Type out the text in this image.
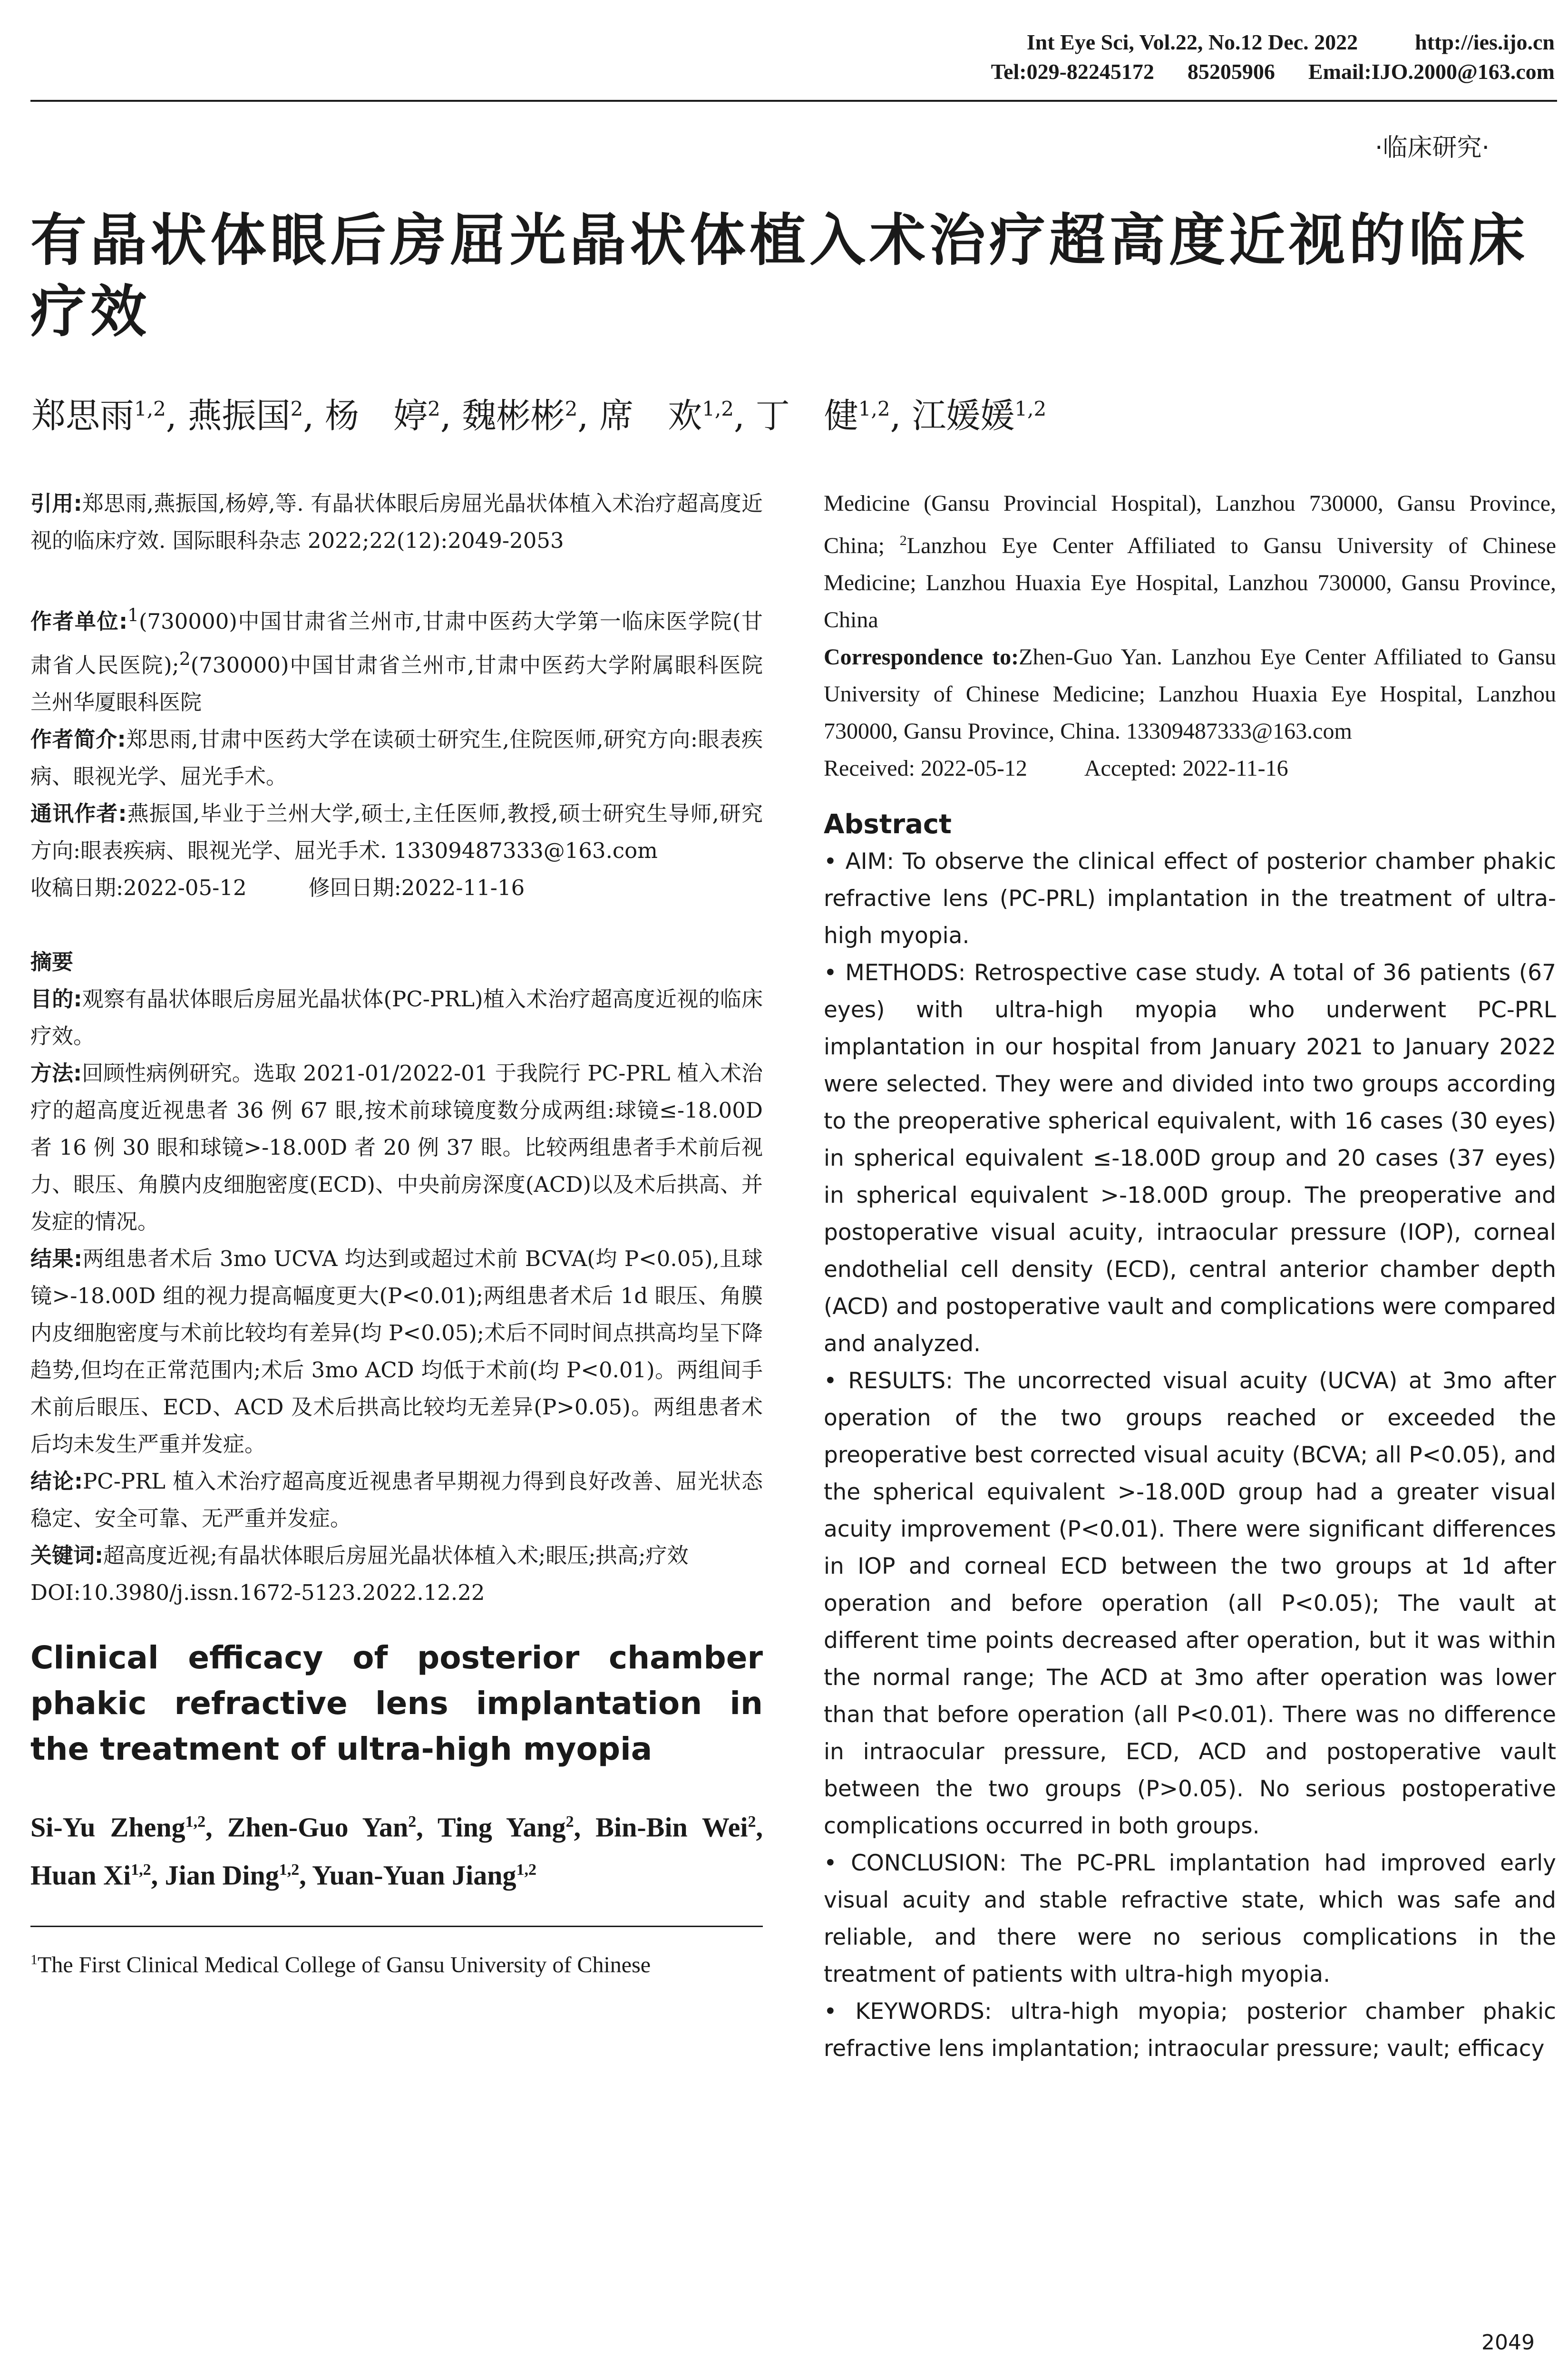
Int Eye Sci, Vol.22, No.12 Dec. 2022	http://ies.ijo.cn
Tel:029-82245172 85205906 Email:IJO.2000@163.com
·临床研究·
有晶状体眼后房屈光晶状体植入术治疗超高度近视的临床疗效
郑思雨$^{1,2}$, 燕振国$^2$, 杨　婷$^2$, 魏彬彬$^2$, 席　欢$^{1,2}$, 丁　健$^{1,2}$, 江媛媛$^{1,2}$

引用:郑思雨,燕振国,杨婷,等. 有晶状体眼后房屈光晶状体植入术治疗超高度近视的临床疗效. 国际眼科杂志 2022;22(12):2049-2053

作者单位:$^1$(730000)中国甘肃省兰州市,甘肃中医药大学第一临床医学院(甘肃省人民医院);$^2$(730000)中国甘肃省兰州市,甘肃中医药大学附属眼科医院 兰州华厦眼科医院

作者简介:郑思雨,甘肃中医药大学在读硕士研究生,住院医师,研究方向:眼表疾病、眼视光学、屈光手术。

通讯作者:燕振国,毕业于兰州大学,硕士,主任医师,教授,硕士研究生导师,研究方向:眼表疾病、眼视光学、屈光手术. 13309487333@163.com

收稿日期:2022-05-12	修回日期:2022-11-16

摘要

目的:观察有晶状体眼后房屈光晶状体(PC-PRL)植入术治疗超高度近视的临床疗效。

方法:回顾性病例研究。选取 2021-01/2022-01 于我院行 PC-PRL 植入术治疗的超高度近视患者 36 例 67 眼,按术前球镜度数分成两组:球镜≤-18.00D 者 16 例 30 眼和球镜>-18.00D 者 20 例 37 眼。比较两组患者手术前后视力、眼压、角膜内皮细胞密度(ECD)、中央前房深度(ACD)以及术后拱高、并发症的情况。

结果:两组患者术后 3mo UCVA 均达到或超过术前 BCVA(均 P<0.05),且球镜>-18.00D 组的视力提高幅度更大(P<0.01);两组患者术后 1d 眼压、角膜内皮细胞密度与术前比较均有差异(均 P<0.05);术后不同时间点拱高均呈下降趋势,但均在正常范围内;术后 3mo ACD 均低于术前(均 P<0.01)。两组间手术前后眼压、ECD、ACD 及术后拱高比较均无差异(P>0.05)。两组患者术后均未发生严重并发症。

结论:PC-PRL 植入术治疗超高度近视患者早期视力得到良好改善、屈光状态稳定、安全可靠、无严重并发症。

关键词:超高度近视;有晶状体眼后房屈光晶状体植入术;眼压;拱高;疗效

DOI:10.3980/j.issn.1672-5123.2022.12.22

Clinical efficacy of posterior chamber phakic refractive lens implantation in the treatment of ultra-high myopia
Si-Yu Zheng$^{1,2}$, Zhen-Guo Yan$^2$, Ting Yang$^2$, Bin-Bin Wei$^2$, Huan Xi$^{1,2}$, Jian Ding$^{1,2}$, Yuan-Yuan Jiang$^{1,2}$
$^1$The First Clinical Medical College of Gansu University of Chinese

Medicine (Gansu Provincial Hospital), Lanzhou 730000, Gansu Province, China; $^2$Lanzhou Eye Center Affiliated to Gansu University of Chinese Medicine; Lanzhou Huaxia Eye Hospital, Lanzhou 730000, Gansu Province, China

Correspondence to:Zhen-Guo Yan. Lanzhou Eye Center Affiliated to Gansu University of Chinese Medicine; Lanzhou Huaxia Eye Hospital, Lanzhou 730000, Gansu Province, China. 13309487333@163.com

Received: 2022-05-12	Accepted: 2022-11-16

Abstract

• AIM: To observe the clinical effect of posterior chamber phakic refractive lens (PC-PRL) implantation in the treatment of ultra-high myopia.

• METHODS: Retrospective case study. A total of 36 patients (67 eyes) with ultra-high myopia who underwent PC-PRL implantation in our hospital from January 2021 to January 2022 were selected. They were and divided into two groups according to the preoperative spherical equivalent, with 16 cases (30 eyes) in spherical equivalent ≤-18.00D group and 20 cases (37 eyes) in spherical equivalent >-18.00D group. The preoperative and postoperative visual acuity, intraocular pressure (IOP), corneal endothelial cell density (ECD), central anterior chamber depth (ACD) and postoperative vault and complications were compared and analyzed.

• RESULTS: The uncorrected visual acuity (UCVA) at 3mo after operation of the two groups reached or exceeded the preoperative best corrected visual acuity (BCVA; all P<0.05), and the spherical equivalent >-18.00D group had a greater visual acuity improvement (P<0.01). There were significant differences in IOP and corneal ECD between the two groups at 1d after operation and before operation (all P<0.05); The vault at different time points decreased after operation, but it was within the normal range; The ACD at 3mo after operation was lower than that before operation (all P<0.01). There was no difference in intraocular pressure, ECD, ACD and postoperative vault between the two groups (P>0.05). No serious postoperative complications occurred in both groups.

• CONCLUSION: The PC-PRL implantation had improved early visual acuity and stable refractive state, which was safe and reliable, and there were no serious complications in the treatment of patients with ultra-high myopia.

• KEYWORDS: ultra-high myopia; posterior chamber phakic refractive lens implantation; intraocular pressure; vault; efficacy

2049
